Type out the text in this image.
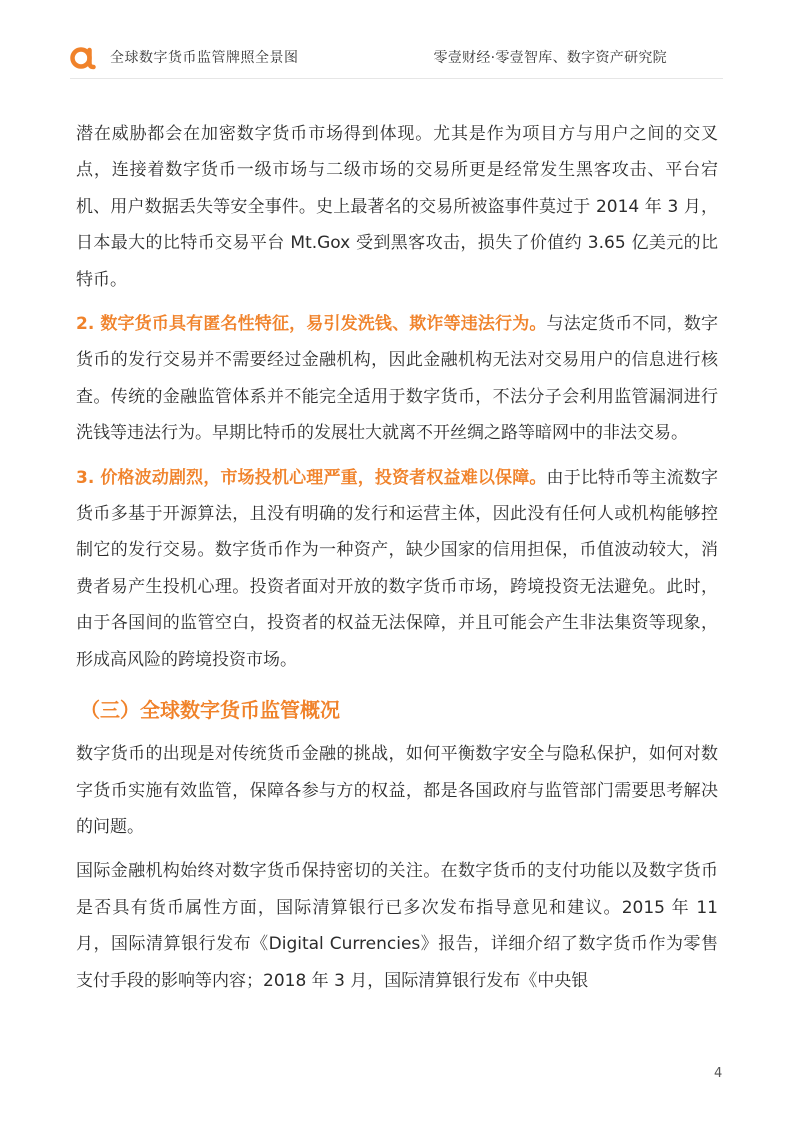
全球数字货币监管牌照全景图	零壹财经·零壹智库、数字资产研究院

潜在威胁都会在加密数字货币市场得到体现。尤其是作为项目方与用户之间的交叉点，连接着数字货币一级市场与二级市场的交易所更是经常发生黑客攻击、平台宕机、用户数据丢失等安全事件。史上最著名的交易所被盗事件莫过于 2014 年 3 月，日本最大的比特币交易平台 Mt.Gox 受到黑客攻击，损失了价值约 3.65 亿美元的比特币。

2. 数字货币具有匿名性特征，易引发洗钱、欺诈等违法行为。与法定货币不同，数字货币的发行交易并不需要经过金融机构，因此金融机构无法对交易用户的信息进行核查。传统的金融监管体系并不能完全适用于数字货币，不法分子会利用监管漏洞进行洗钱等违法行为。早期比特币的发展壮大就离不开丝绸之路等暗网中的非法交易。

3. 价格波动剧烈，市场投机心理严重，投资者权益难以保障。由于比特币等主流数字货币多基于开源算法，且没有明确的发行和运营主体，因此没有任何人或机构能够控制它的发行交易。数字货币作为一种资产，缺少国家的信用担保，币值波动较大，消费者易产生投机心理。投资者面对开放的数字货币市场，跨境投资无法避免。此时，由于各国间的监管空白，投资者的权益无法保障，并且可能会产生非法集资等现象，形成高风险的跨境投资市场。

（三）全球数字货币监管概况

数字货币的出现是对传统货币金融的挑战，如何平衡数字安全与隐私保护，如何对数字货币实施有效监管，保障各参与方的权益，都是各国政府与监管部门需要思考解决的问题。

国际金融机构始终对数字货币保持密切的关注。在数字货币的支付功能以及数字货币是否具有货币属性方面，国际清算银行已多次发布指导意见和建议。2015 年 11 月，国际清算银行发布《Digital Currencies》报告，详细介绍了数字货币作为零售支付手段的影响等内容；2018 年 3 月，国际清算银行发布《中央银

4
